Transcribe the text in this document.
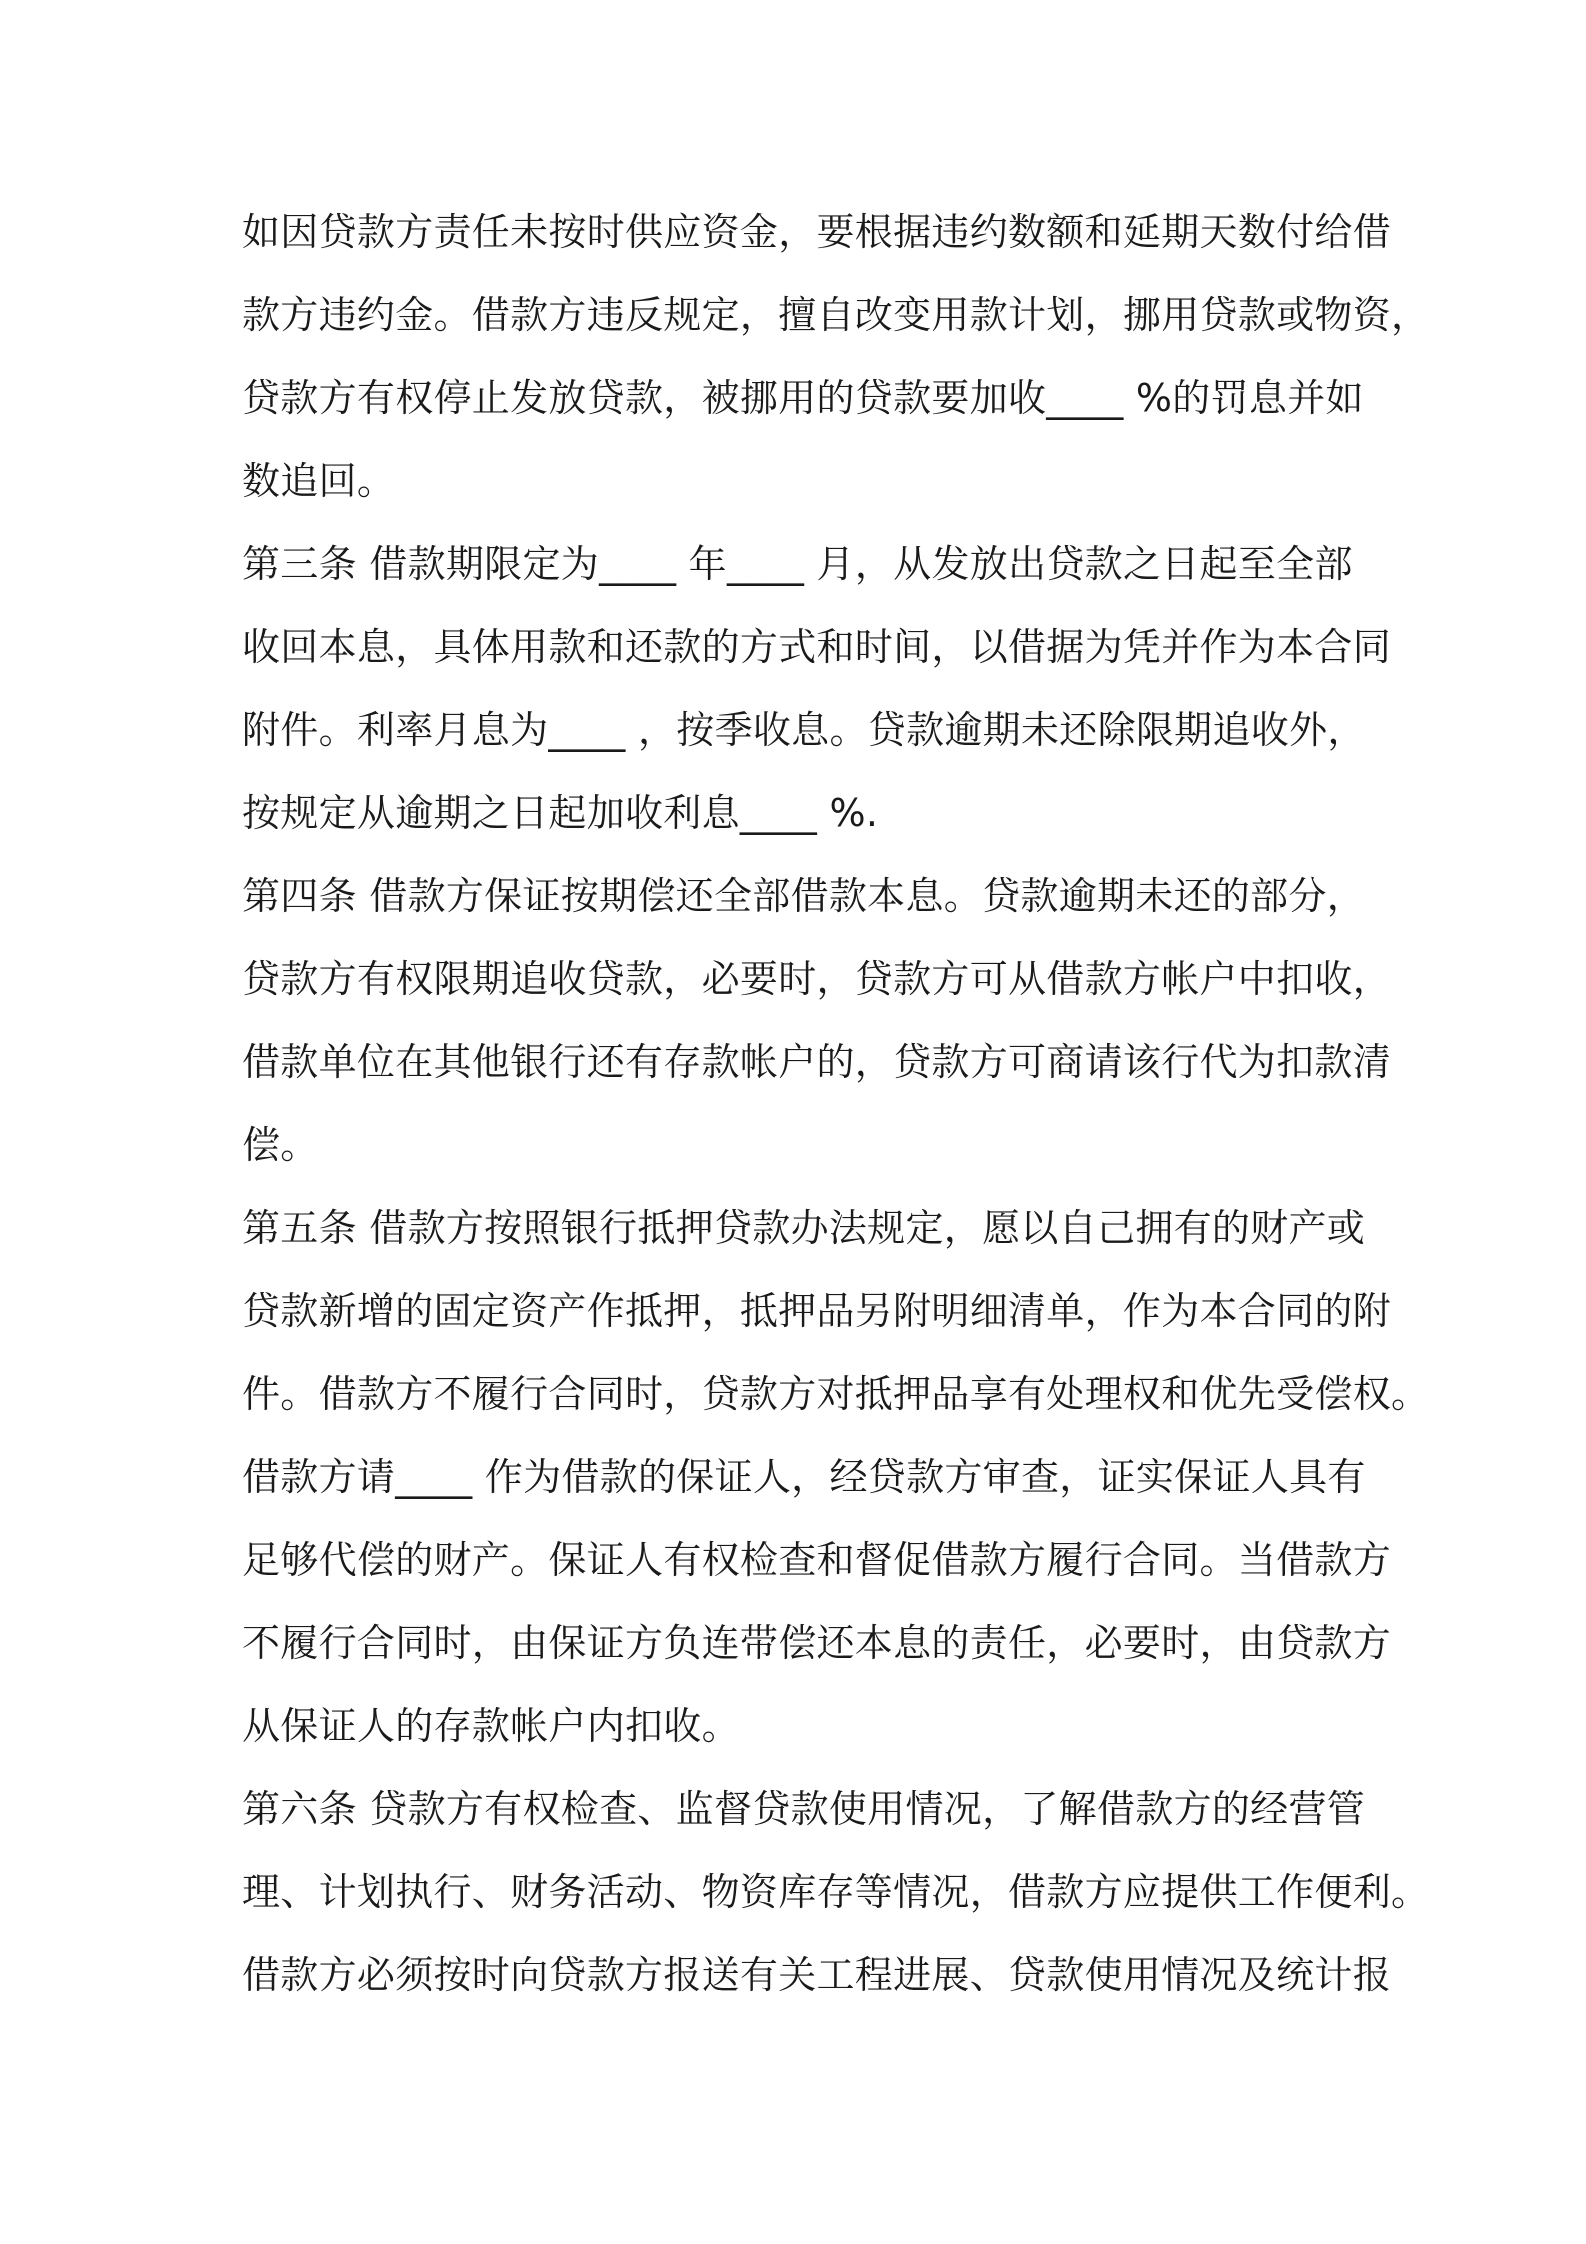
如因贷款方责任未按时供应资金，要根据违约数额和延期天数付给借
款方违约金。借款方违反规定，擅自改变用款计划，挪用贷款或物资，
贷款方有权停止发放贷款，被挪用的贷款要加收____ %的罚息并如
数追回。
第三条 借款期限定为____ 年____ 月，从发放出贷款之日起至全部
收回本息，具体用款和还款的方式和时间，以借据为凭并作为本合同
附件。利率月息为____ ，按季收息。贷款逾期未还除限期追收外，
按规定从逾期之日起加收利息____ %.
第四条 借款方保证按期偿还全部借款本息。贷款逾期未还的部分，
贷款方有权限期追收贷款，必要时，贷款方可从借款方帐户中扣收，
借款单位在其他银行还有存款帐户的，贷款方可商请该行代为扣款清
偿。
第五条 借款方按照银行抵押贷款办法规定，愿以自己拥有的财产或
贷款新增的固定资产作抵押，抵押品另附明细清单，作为本合同的附
件。借款方不履行合同时，贷款方对抵押品享有处理权和优先受偿权。
借款方请____ 作为借款的保证人，经贷款方审查，证实保证人具有
足够代偿的财产。保证人有权检查和督促借款方履行合同。当借款方
不履行合同时，由保证方负连带偿还本息的责任，必要时，由贷款方
从保证人的存款帐户内扣收。
第六条 贷款方有权检查、监督贷款使用情况，了解借款方的经营管
理、计划执行、财务活动、物资库存等情况，借款方应提供工作便利。
借款方必须按时向贷款方报送有关工程进展、贷款使用情况及统计报
